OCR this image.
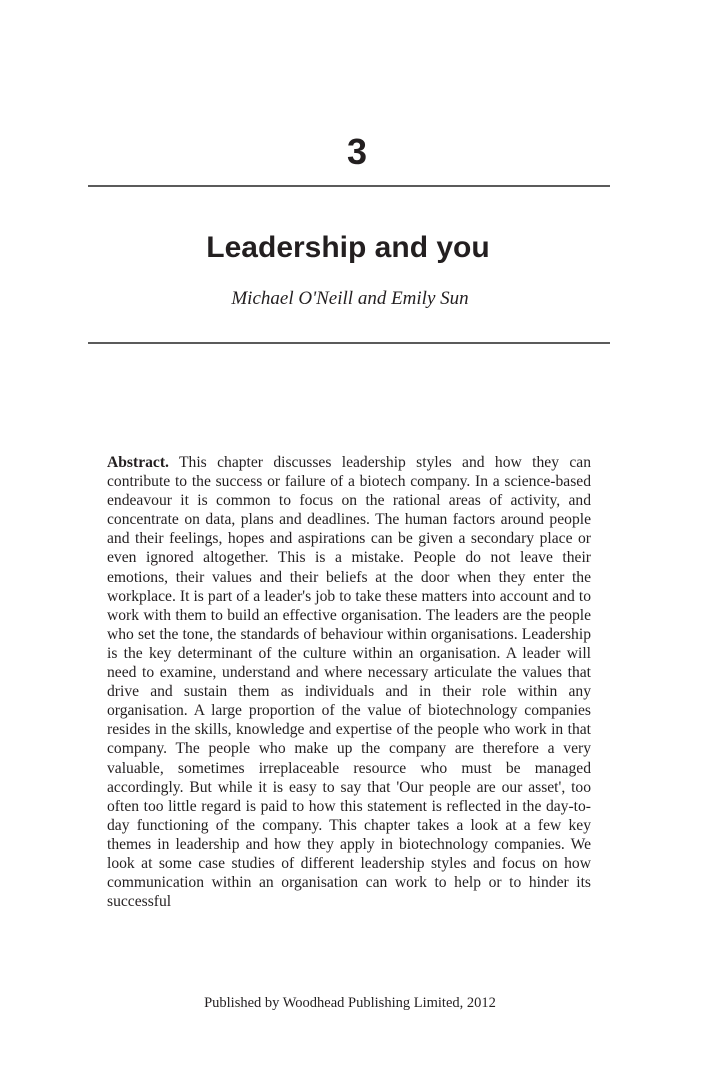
3
Leadership and you
Michael O'Neill and Emily Sun

Abstract. This chapter discusses leadership styles and how they can contribute to the success or failure of a biotech company. In a science-based endeavour it is common to focus on the rational areas of activity, and concentrate on data, plans and deadlines. The human factors around people and their feelings, hopes and aspirations can be given a secondary place or even ignored altogether. This is a mistake. People do not leave their emotions, their values and their beliefs at the door when they enter the workplace. It is part of a leader's job to take these matters into account and to work with them to build an effective organisation. The leaders are the people who set the tone, the standards of behaviour within organisations. Leadership is the key determinant of the culture within an organisation. A leader will need to examine, understand and where necessary articulate the values that drive and sustain them as individuals and in their role within any organisation. A large proportion of the value of biotechnology companies resides in the skills, knowledge and expertise of the people who work in that company. The people who make up the company are therefore a very valuable, sometimes irreplaceable resource who must be managed accordingly. But while it is easy to say that 'Our people are our asset', too often too little regard is paid to how this statement is reflected in the day-to-day functioning of the company. This chapter takes a look at a few key themes in leadership and how they apply in biotechnology companies. We look at some case studies of different leadership styles and focus on how communication within an organisation can work to help or to hinder its successful

Published by Woodhead Publishing Limited, 2012
